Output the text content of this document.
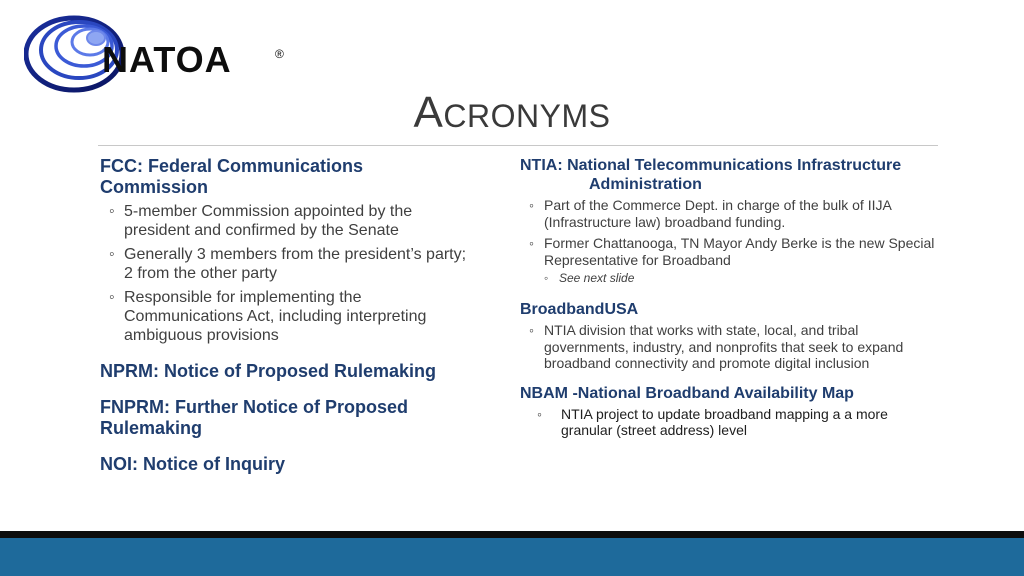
NATOA	®
ACRONYMS
FCC: Federal Communications Commission
◦ 5-member Commission appointed by the president and confirmed by the Senate
◦ Generally 3 members from the president’s party; 2 from the other party
◦ Responsible for implementing the Communications Act, including interpreting ambiguous provisions
NPRM: Notice of Proposed Rulemaking
FNPRM: Further Notice of Proposed Rulemaking
NOI: Notice of Inquiry
NTIA: National Telecommunications Infrastructure
Administration
◦ Part of the Commerce Dept. in charge of the bulk of IIJA (Infrastructure law) broadband funding.
◦ Former Chattanooga, TN Mayor Andy Berke is the new Special Representative for Broadband
◦ See next slide
BroadbandUSA
◦ NTIA division that works with state, local, and tribal governments, industry, and nonprofits that seek to expand broadband connectivity and promote digital inclusion
NBAM -National Broadband Availability Map
◦ NTIA project to update broadband mapping a a more granular (street address) level
